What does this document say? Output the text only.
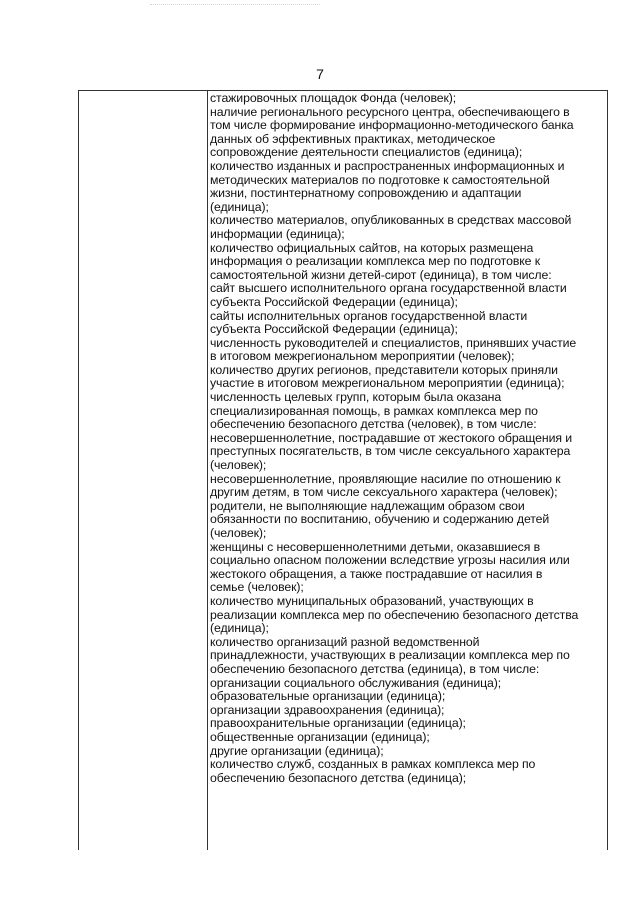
7
стажировочных площадок Фонда (человек);
наличие регионального ресурсного центра, обеспечивающего в
том числе формирование информационно-методического банка
данных об эффективных практиках, методическое
сопровождение деятельности специалистов (единица);
количество изданных и распространенных информационных и
методических материалов по подготовке к самостоятельной
жизни, постинтернатному сопровождению и адаптации
(единица);
количество материалов, опубликованных в средствах массовой
информации (единица);
количество официальных сайтов, на которых размещена
информация о реализации комплекса мер по подготовке к
самостоятельной жизни детей-сирот (единица), в том числе:
сайт высшего исполнительного органа государственной власти
субъекта Российской Федерации (единица);
сайты исполнительных органов государственной власти
субъекта Российской Федерации (единица);
численность руководителей и специалистов, принявших участие
в итоговом межрегиональном мероприятии (человек);
количество других регионов, представители которых приняли
участие в итоговом межрегиональном мероприятии (единица);
численность целевых групп, которым была оказана
специализированная помощь, в рамках комплекса мер по
обеспечению безопасного детства (человек), в том числе:
несовершеннолетние, пострадавшие от жестокого обращения и
преступных посягательств, в том числе сексуального характера
(человек);
несовершеннолетние, проявляющие насилие по отношению к
другим детям, в том числе сексуального характера (человек);
родители, не выполняющие надлежащим образом свои
обязанности по воспитанию, обучению и содержанию детей
(человек);
женщины с несовершеннолетними детьми, оказавшиеся в
социально опасном положении вследствие угрозы насилия или
жестокого обращения, а также пострадавшие от насилия в
семье (человек);
количество муниципальных образований, участвующих в
реализации комплекса мер по обеспечению безопасного детства
(единица);
количество организаций разной ведомственной
принадлежности, участвующих в реализации комплекса мер по
обеспечению безопасного детства (единица), в том числе:
организации социального обслуживания (единица);
образовательные организации (единица);
организации здравоохранения (единица);
правоохранительные организации (единица);
общественные организации (единица);
другие организации (единица);
количество служб, созданных в рамках комплекса мер по
обеспечению безопасного детства (единица);
